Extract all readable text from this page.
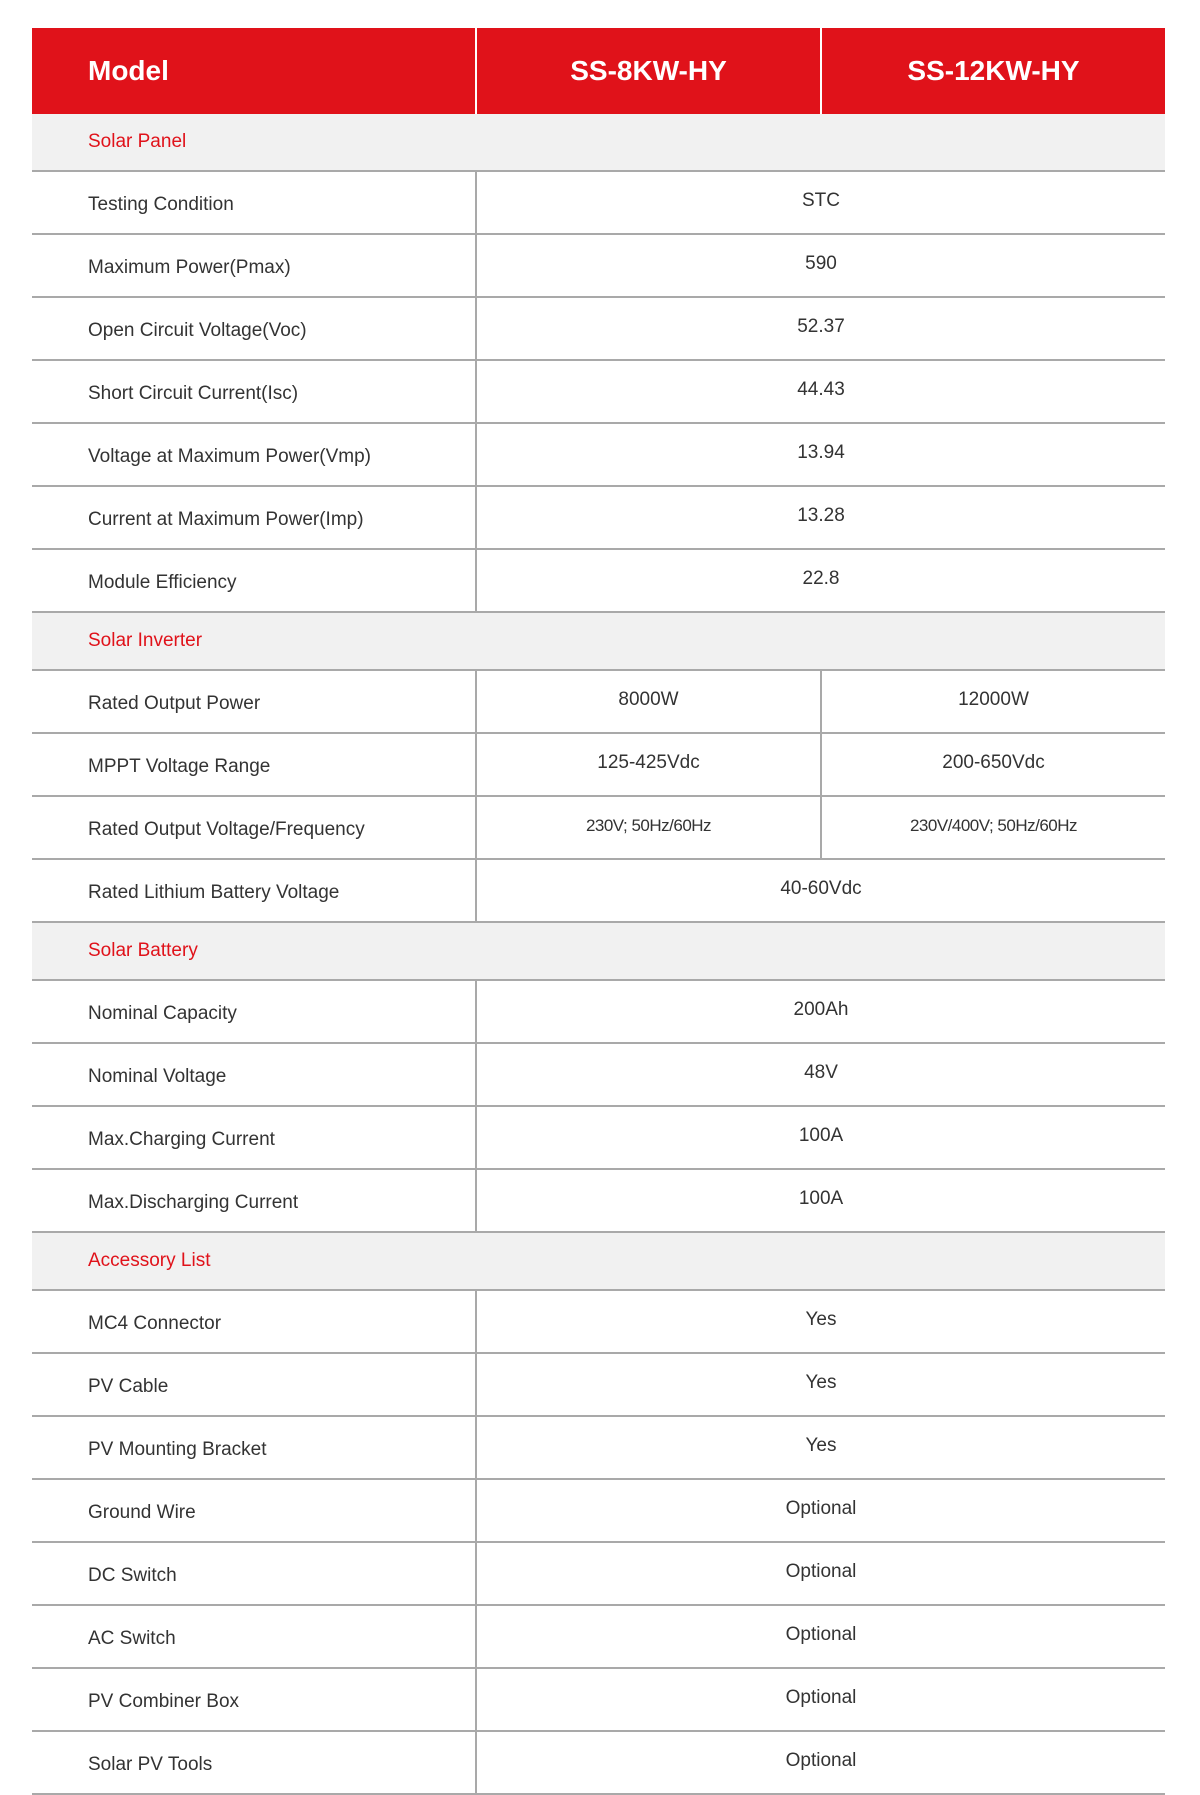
Model	SS-8KW-HY	SS-12KW-HY
Solar Panel		
Testing Condition	STC	
Maximum Power(Pmax)	590	
Open Circuit Voltage(Voc)	52.37	
Short Circuit Current(Isc)	44.43	
Voltage at Maximum Power(Vmp)	13.94	
Current at Maximum Power(Imp)	13.28	
Module Efficiency	22.8	
Solar Inverter		
Rated Output Power	8000W	12000W
MPPT Voltage Range	125-425Vdc	200-650Vdc
Rated Output Voltage/Frequency	230V; 50Hz/60Hz	230V/400V; 50Hz/60Hz
Rated Lithium Battery Voltage	40-60Vdc	
Solar Battery		
Nominal Capacity	200Ah	
Nominal Voltage	48V	
Max.Charging Current	100A	
Max.Discharging Current	100A	
Accessory List		
MC4 Connector	Yes	
PV Cable	Yes	
PV Mounting Bracket	Yes	
Ground Wire	Optional	
DC Switch	Optional	
AC Switch	Optional	
PV Combiner Box	Optional	
Solar PV Tools	Optional	
